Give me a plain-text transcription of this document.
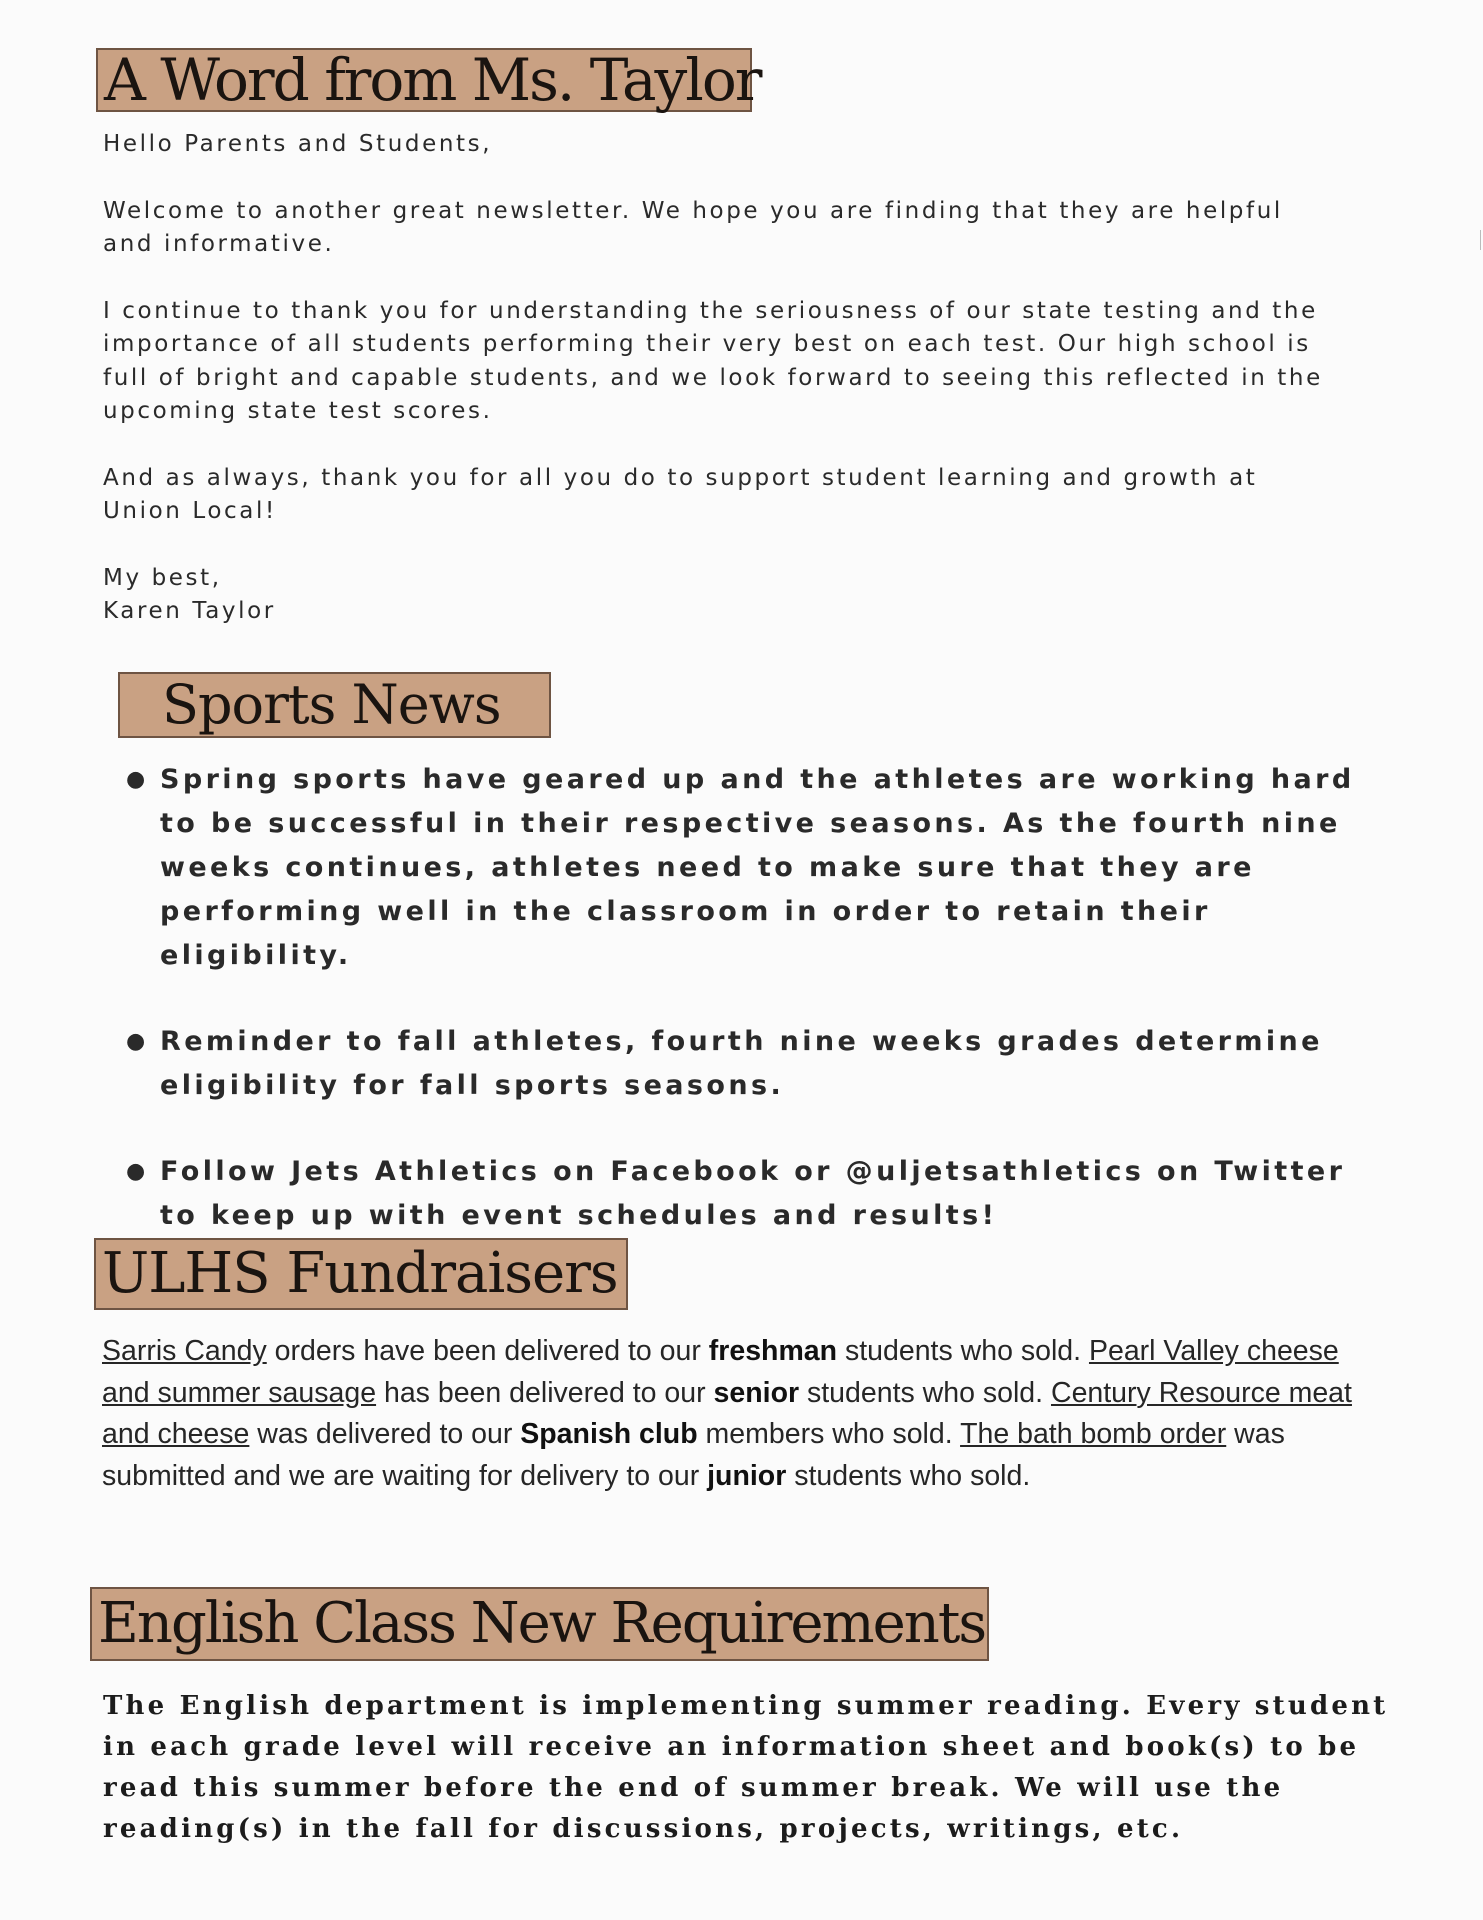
A Word from Ms. Taylor

Hello Parents and Students,

Welcome to another great newsletter. We hope you are finding that they are helpful and informative.

I continue to thank you for understanding the seriousness of our state testing and the importance of all students performing their very best on each test. Our high school is full of bright and capable students, and we look forward to seeing this reflected in the upcoming state test scores.

And as always, thank you for all you do to support student learning and growth at Union Local!

My best,

Karen Taylor

Sports News
● Spring sports have geared up and the athletes are working hard to be successful in their respective seasons. As the fourth nine weeks continues, athletes need to make sure that they are performing well in the classroom in order to retain their eligibility.
● Reminder to fall athletes, fourth nine weeks grades determine eligibility for fall sports seasons.
● Follow Jets Athletics on Facebook or @uljetsathletics on Twitter to keep up with event schedules and results!
ULHS Fundraisers
Sarris Candy orders have been delivered to our freshman students who sold. Pearl Valley cheese and summer sausage has been delivered to our senior students who sold. Century Resource meat and cheese was delivered to our Spanish club members who sold. The bath bomb order was submitted and we are waiting for delivery to our junior students who sold.
English Class New Requirements
The English department is implementing summer reading. Every student in each grade level will receive an information sheet and book(s) to be read this summer before the end of summer break. We will use the reading(s) in the fall for discussions, projects, writings, etc.
